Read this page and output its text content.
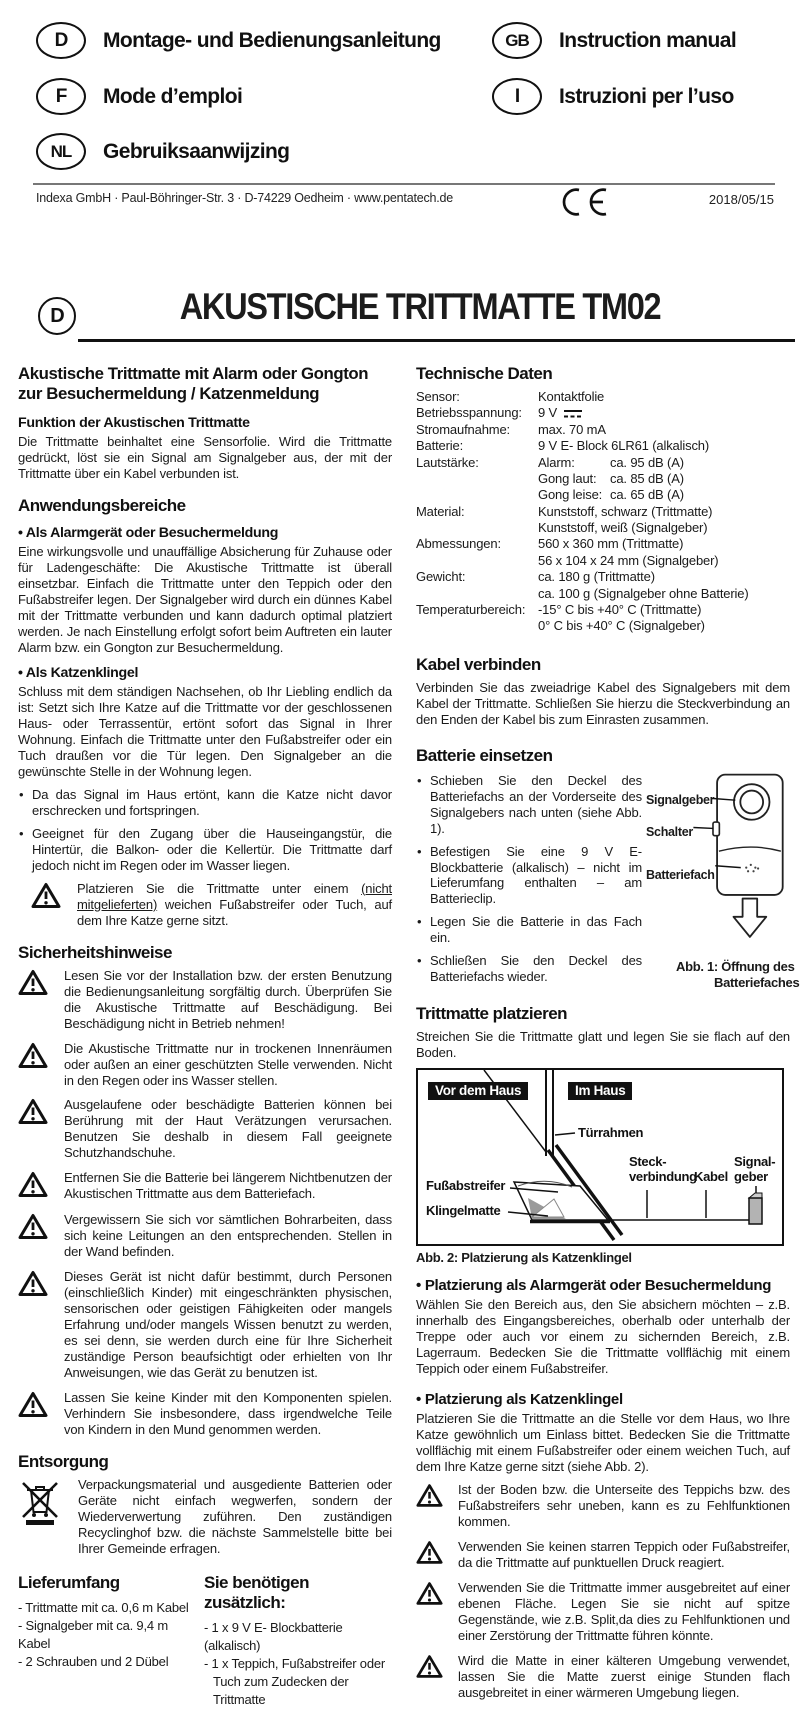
D	Montage- und Bedienungsanleitung	GB	Instruction manual
F	Mode d’emploi	I	Istruzioni per l’uso
NL	Gebruiksaanwijzing
Indexa GmbH · Paul-Böhringer-Str. 3 · D-74229 Oedheim · www.pentatech.de	2018/05/15
D	AKUSTISCHE TRITTMATTE TM02
Akustische Trittmatte mit Alarm oder Gongton zur Besuchermeldung / Katzenmeldung
Funktion der Akustischen Trittmatte

Die Trittmatte beinhaltet eine Sensorfolie. Wird die Trittmatte gedrückt, löst sie ein Signal am Signalgeber aus, der mit der Trittmatte über ein Kabel verbunden ist.

Anwendungsbereiche
• Als Alarmgerät oder Besuchermeldung

Eine wirkungsvolle und unauffällige Absicherung für Zuhause oder für Ladengeschäfte: Die Akustische Trittmatte ist überall einsetzbar. Einfach die Trittmatte unter den Teppich oder den Fußabstreifer legen. Der Signalgeber wird durch ein dünnes Kabel mit der Trittmatte verbunden und kann dadurch optimal platziert werden. Je nach Einstellung erfolgt sofort beim Auftreten ein lauter Alarm bzw. ein Gongton zur Besuchermeldung.

• Als Katzenklingel

Schluss mit dem ständigen Nachsehen, ob Ihr Liebling endlich da ist: Setzt sich Ihre Katze auf die Trittmatte vor der geschlossenen Haus- oder Terrassentür, ertönt sofort das Signal in Ihrer Wohnung. Einfach die Trittmatte unter den Fußabstreifer oder ein Tuch draußen vor die Tür legen. Den Signalgeber an die gewünschte Stelle in der Wohnung legen.

• Da das Signal im Haus ertönt, kann die Katze nicht davor erschrecken und fortspringen.
• Geeignet für den Zugang über die Hauseingangstür, die Hintertür, die Balkon- oder die Kellertür. Die Trittmatte darf jedoch nicht im Regen oder im Wasser liegen.
Platzieren Sie die Trittmatte unter einem (nicht mitgelieferten) weichen Fußabstreifer oder Tuch, auf dem Ihre Katze gerne sitzt.
Sicherheitshinweise
Lesen Sie vor der Installation bzw. der ersten Benutzung die Bedienungsanleitung sorgfältig durch. Überprüfen Sie die Akustische Trittmatte auf Beschädigung. Bei Beschädigung nicht in Betrieb nehmen!
Die Akustische Trittmatte nur in trockenen Innenräumen oder außen an einer geschützten Stelle verwenden. Nicht in den Regen oder ins Wasser stellen.
Ausgelaufene oder beschädigte Batterien können bei Berührung mit der Haut Verätzungen verursachen. Benutzen Sie deshalb in diesem Fall geeignete Schutzhandschuhe.
Entfernen Sie die Batterie bei längerem Nichtbenutzen der Akustischen Trittmatte aus dem Batteriefach.
Vergewissern Sie sich vor sämtlichen Bohrarbeiten, dass sich keine Leitungen an den entsprechenden. Stellen in der Wand befinden.
Dieses Gerät ist nicht dafür bestimmt, durch Personen (einschließlich Kinder) mit eingeschränkten physischen, sensorischen oder geistigen Fähigkeiten oder mangels Erfahrung und/oder mangels Wissen benutzt zu werden, es sei denn, sie werden durch eine für Ihre Sicherheit zuständige Person beaufsichtigt oder erhielten von Ihr Anweisungen, wie das Gerät zu benutzen ist.
Lassen Sie keine Kinder mit den Komponenten spielen. Verhindern Sie insbesondere, dass irgendwelche Teile von Kindern in den Mund genommen werden.
Entsorgung
Verpackungsmaterial und ausgediente Batterien oder Geräte nicht einfach wegwerfen, sondern der Wiederverwertung zuführen. Den zuständigen Recyclinghof bzw. die nächste Sammelstelle bitte bei Ihrer Gemeinde erfragen.
Lieferumfang
- Trittmatte mit ca. 0,6 m Kabel
- Signalgeber mit ca. 9,4 m Kabel
- 2 Schrauben und 2 Dübel
Sie benötigen zusätzlich:
- 1 x 9 V E- Blockbatterie (alkalisch)
- 1 x Teppich, Fußabstreifer oder
Tuch zum Zudecken der Trittmatte
Technische Daten
Sensor:	Kontaktfolie
Betriebsspannung:	9 V
Stromaufnahme:	max. 70 mA
Batterie:	9 V E- Block 6LR61 (alkalisch)
Lautstärke:	Alarm:	ca. 95 dB (A)
Gong laut: ca. 85 dB (A)
Gong leise: ca. 65 dB (A)
Material:	Kunststoff, schwarz (Trittmatte)
Kunststoff, weiß (Signalgeber)
Abmessungen:	560 x 360 mm (Trittmatte)
56 x 104 x 24 mm (Signalgeber)
Gewicht:	ca. 180 g (Trittmatte)
ca. 100 g (Signalgeber ohne Batterie)
Temperaturbereich: -15° C bis +40° C (Trittmatte)
0° C bis +40° C (Signalgeber)
Kabel verbinden

Verbinden Sie das zweiadrige Kabel des Signalgebers mit dem Kabel der Trittmatte. Schließen Sie hierzu die Steckverbindung an den Enden der Kabel bis zum Einrasten zusammen.

Batterie einsetzen
• Schieben Sie den Deckel des Batteriefachs an der Vorderseite des Signalgebers nach unten (siehe Abb. 1).
• Befestigen Sie eine 9 V E- Blockbatterie (alkalisch) – nicht im Lieferumfang enthalten – am Batterieclip.
• Legen Sie die Batterie in das Fach ein.
• Schließen Sie den Deckel des Batteriefachs wieder.
Signalgeber
Schalter
Batteriefach
Abb. 1: Öffnung des
Batteriefaches
Trittmatte platzieren

Streichen Sie die Trittmatte glatt und legen Sie sie flach auf den Boden.

Vor dem Haus	Im Haus
Türrahmen
Steck-
verbindung
Kabel
Signal-
geber
Fußabstreifer
Klingelmatte
Abb. 2: Platzierung als Katzenklingel
• Platzierung als Alarmgerät oder Besuchermeldung

Wählen Sie den Bereich aus, den Sie absichern möchten – z.B. innerhalb des Eingangsbereiches, oberhalb oder unterhalb der Treppe oder auch vor einem zu sichernden Bereich, z.B. Lagerraum. Bedecken Sie die Trittmatte vollflächig mit einem Teppich oder einem Fußabstreifer.

• Platzierung als Katzenklingel

Platzieren Sie die Trittmatte an die Stelle vor dem Haus, wo Ihre Katze gewöhnlich um Einlass bittet. Bedecken Sie die Trittmatte vollflächig mit einem Fußabstreifer oder einem weichen Tuch, auf dem Ihre Katze gerne sitzt (siehe Abb. 2).

Ist der Boden bzw. die Unterseite des Teppichs bzw. des Fußabstreifers sehr uneben, kann es zu Fehlfunktionen kommen.
Verwenden Sie keinen starren Teppich oder Fußabstreifer, da die Trittmatte auf punktuellen Druck reagiert.
Verwenden Sie die Trittmatte immer ausgebreitet auf einer ebenen Fläche. Legen Sie sie nicht auf spitze Gegenstände, wie z.B. Split,da dies zu Fehlfunktionen und einer Zerstörung der Trittmatte führen könnte.
Wird die Matte in einer kälteren Umgebung verwendet, lassen Sie die Matte zuerst einige Stunden flach ausgebreitet in einer wärmeren Umgebung liegen.
